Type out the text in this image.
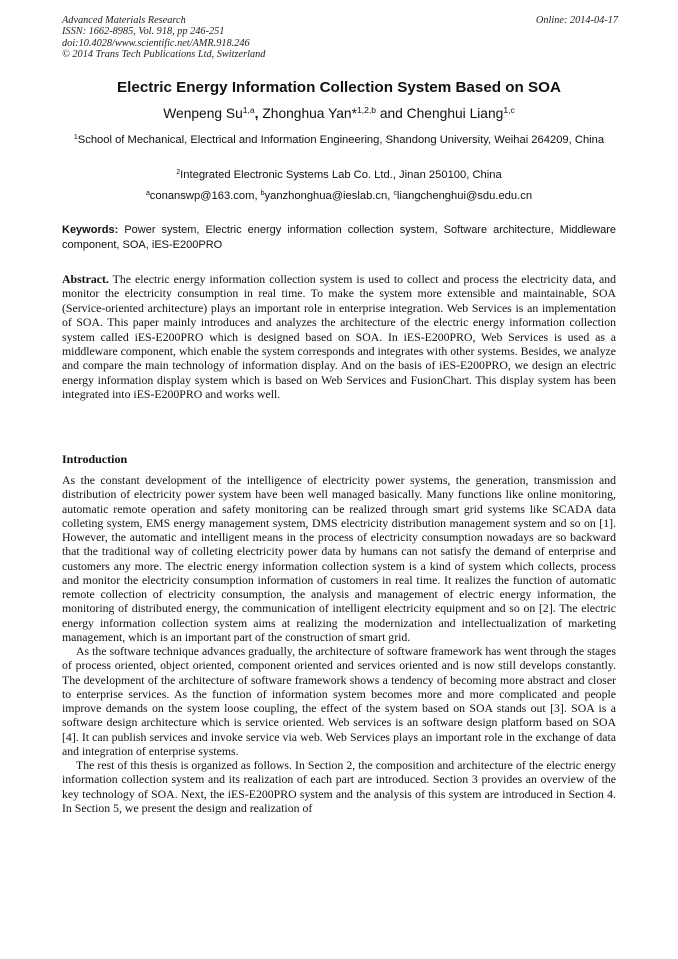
Advanced Materials Research
ISSN: 1662-8985, Vol. 918, pp 246-251
doi:10.4028/www.scientific.net/AMR.918.246
© 2014 Trans Tech Publications Ltd, Switzerland
Online: 2014-04-17
Electric Energy Information Collection System Based on SOA
Wenpeng Su$^{1,a}$, Zhonghua Yan*$^{1,2,b}$ and Chenghui Liang$^{1,c}$
$^1$School of Mechanical, Electrical and Information Engineering, Shandong University, Weihai 264209, China
$^2$Integrated Electronic Systems Lab Co. Ltd., Jinan 250100, China
$^a$conanswp@163.com, $^b$yanzhonghua@ieslab.cn, $^c$liangchenghui@sdu.edu.cn
Keywords: Power system, Electric energy information collection system, Software architecture, Middleware component, SOA, iES-E200PRO
Abstract. The electric energy information collection system is used to collect and process the electricity data, and monitor the electricity consumption in real time. To make the system more extensible and maintainable, SOA (Service-oriented architecture) plays an important role in enterprise integration. Web Services is an implementation of SOA. This paper mainly introduces and analyzes the architecture of the electric energy information collection system called iES-E200PRO which is designed based on SOA. In iES-E200PRO, Web Services is used as a middleware component, which enable the system corresponds and integrates with other systems. Besides, we analyze and compare the main technology of information display. And on the basis of iES-E200PRO, we design an electric energy information display system which is based on Web Services and FusionChart. This display system has been integrated into iES-E200PRO and works well.
Introduction

As the constant development of the intelligence of electricity power systems, the generation, transmission and distribution of electricity power system have been well managed basically. Many functions like online monitoring, automatic remote operation and safety monitoring can be realized through smart grid systems like SCADA data colleting system, EMS energy management system, DMS electricity distribution management system and so on [1]. However, the automatic and intelligent means in the process of electricity consumption nowadays are so backward that the traditional way of colleting electricity power data by humans can not satisfy the demand of enterprise and customers any more. The electric energy information collection system is a kind of system which collects, process and monitor the electricity consumption information of customers in real time. It realizes the function of automatic remote collection of electricity consumption, the analysis and management of electric energy information, the monitoring of distributed energy, the communication of intelligent electricity equipment and so on [2]. The electric energy information collection system aims at realizing the modernization and intellectualization of marketing management, which is an important part of the construction of smart grid.

As the software technique advances gradually, the architecture of software framework has went through the stages of process oriented, object oriented, component oriented and services oriented and is now still develops constantly. The development of the architecture of software framework shows a tendency of becoming more abstract and closer to enterprise services. As the function of information system becomes more and more complicated and people improve demands on the system loose coupling, the effect of the system based on SOA stands out [3]. SOA is a software design architecture which is service oriented. Web services is an software design platform based on SOA [4]. It can publish services and invoke service via web. Web Services plays an important role in the exchange of data and integration of enterprise systems.

The rest of this thesis is organized as follows. In Section 2, the composition and architecture of the electric energy information collection system and its realization of each part are introduced. Section 3 provides an overview of the key technology of SOA. Next, the iES-E200PRO system and the analysis of this system are introduced in Section 4. In Section 5, we present the design and realization of
